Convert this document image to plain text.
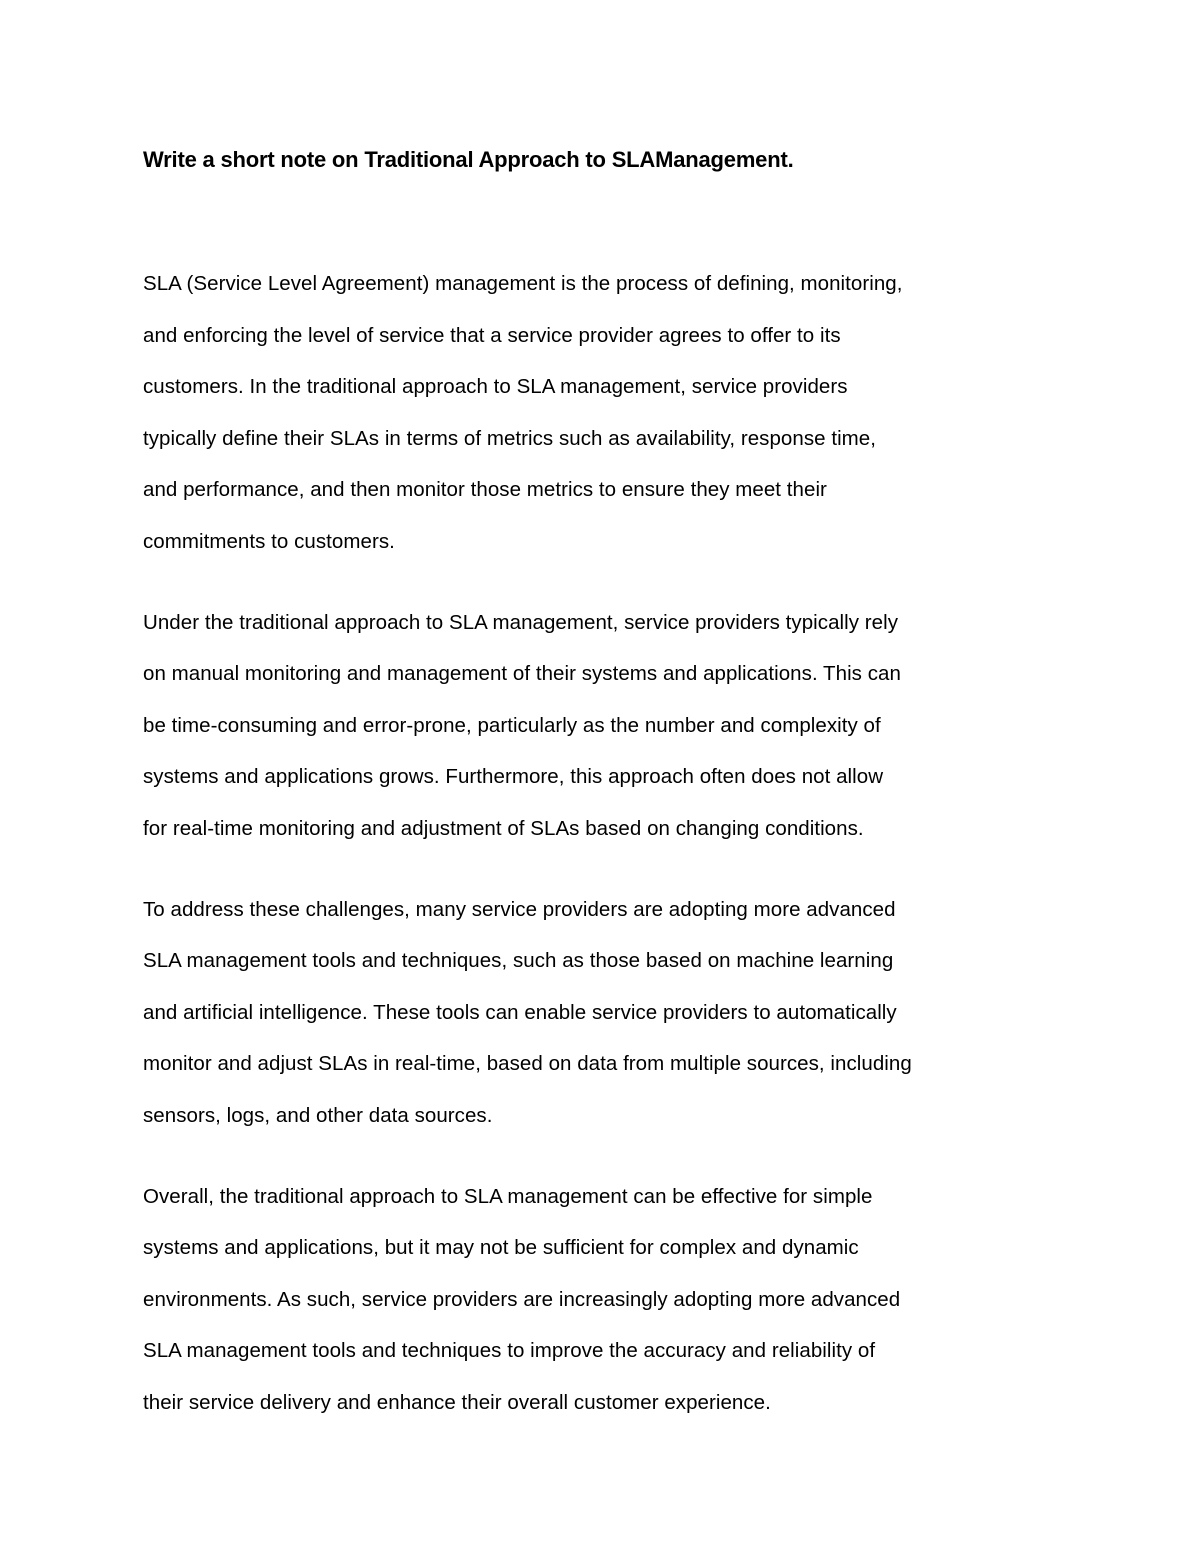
Write a short note on Traditional Approach to SLAManagement.

SLA (Service Level Agreement) management is the process of defining, monitoring,
and enforcing the level of service that a service provider agrees to offer to its
customers. In the traditional approach to SLA management, service providers
typically define their SLAs in terms of metrics such as availability, response time,
and performance, and then monitor those metrics to ensure they meet their
commitments to customers.

Under the traditional approach to SLA management, service providers typically rely
on manual monitoring and management of their systems and applications. This can
be time-consuming and error-prone, particularly as the number and complexity of
systems and applications grows. Furthermore, this approach often does not allow
for real-time monitoring and adjustment of SLAs based on changing conditions.

To address these challenges, many service providers are adopting more advanced
SLA management tools and techniques, such as those based on machine learning
and artificial intelligence. These tools can enable service providers to automatically
monitor and adjust SLAs in real-time, based on data from multiple sources, including
sensors, logs, and other data sources.

Overall, the traditional approach to SLA management can be effective for simple
systems and applications, but it may not be sufficient for complex and dynamic
environments. As such, service providers are increasingly adopting more advanced
SLA management tools and techniques to improve the accuracy and reliability of
their service delivery and enhance their overall customer experience.
